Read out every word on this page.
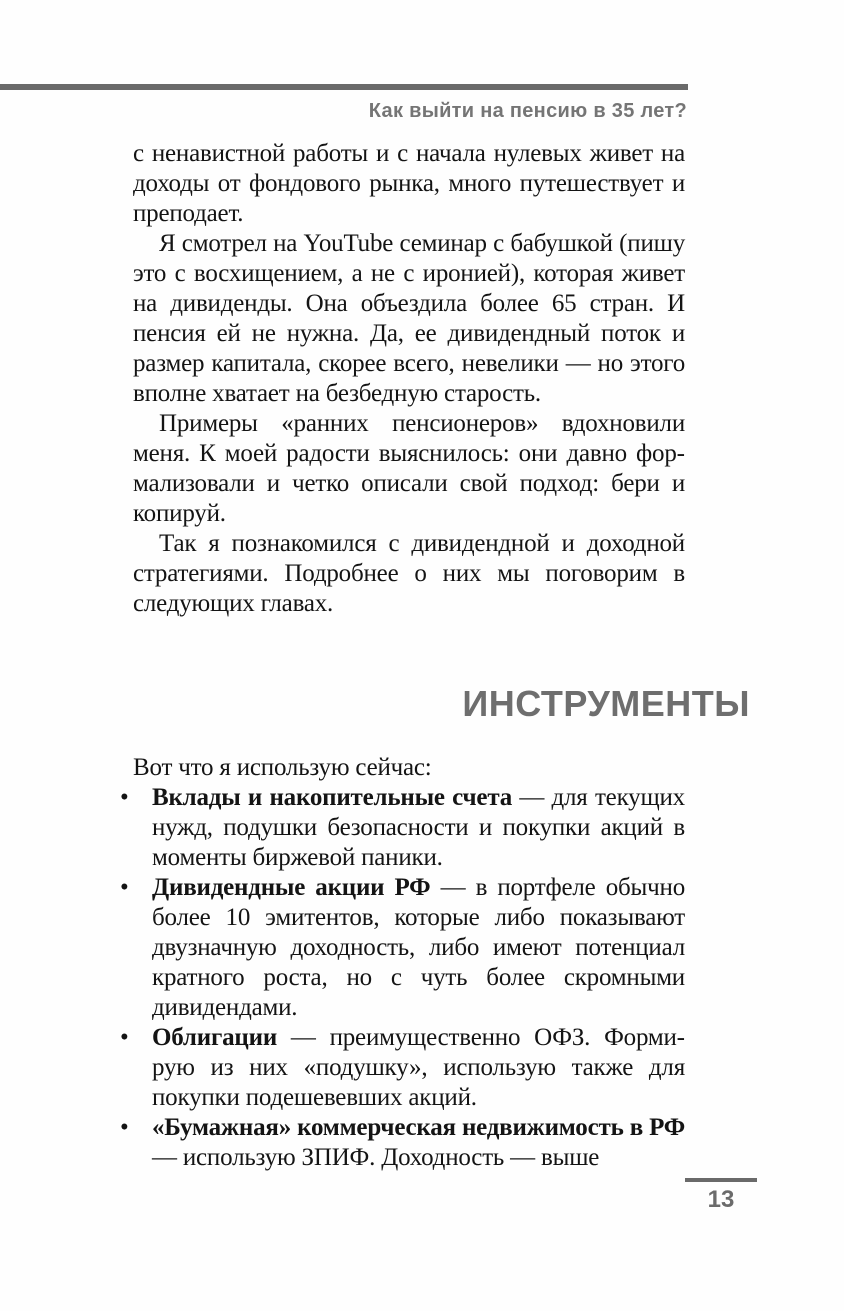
Как выйти на пенсию в 35 лет?

с ненавистной работы и с начала нулевых живет на доходы от фондового рынка, много путешествует и преподает.

Я смотрел на YouTube семинар с бабушкой (пишу это с восхищением, а не с иронией), которая живет на дивиденды. Она объездила более 65 стран. И пенсия ей не нужна. Да, ее дивидендный поток и размер капитала, скорее всего, невелики — но этого вполне хватает на безбедную старость.

Примеры «ранних пенсионеров» вдохновили меня. К моей радости выяснилось: они давно формализовали и четко описали свой подход: бери и копируй.

Так я познакомился с дивидендной и доходной стратегиями. Подробнее о них мы поговорим в следующих главах.

ИНСТРУМЕНТЫ

Вот что я использую сейчас:

• Вклады и накопительные счета — для текущих нужд, подушки безопасности и покупки акций в моменты биржевой паники.
• Дивидендные акции РФ — в портфеле обычно более 10 эмитентов, которые либо показывают двузначную доходность, либо имеют потенциал кратного роста, но с чуть более скромными дивидендами.
• Облигации — преимущественно ОФЗ. Формирую из них «подушку», использую также для покупки подешевевших акций.
• «Бумажная» коммерческая недвижимость в РФ — использую ЗПИФ. Доходность — выше
13
